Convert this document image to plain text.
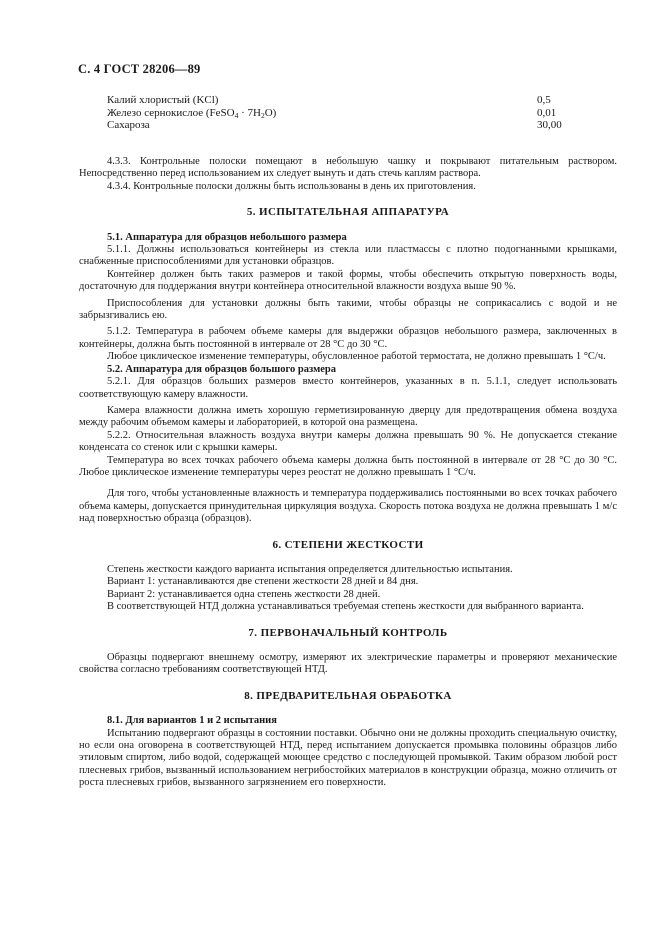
С. 4 ГОСТ 28206—89
Калий хлористый (KCl)	0,5
Железо сернокислое (FeSO$_4$ · $7H_2O$)	0,01
Сахароза	30,00

4.3.3. Контрольные полоски помещают в небольшую чашку и покрывают питательным раствором. Непосредственно перед использованием их следует вынуть и дать стечь каплям раствора.

4.3.4. Контрольные полоски должны быть использованы в день их приготовления.

5. ИСПЫТАТЕЛЬНАЯ АППАРАТУРА

5.1. Аппаратура для образцов небольшого размера

5.1.1. Должны использоваться контейнеры из стекла или пластмассы с плотно подогнанными крышками, снабженные приспособлениями для установки образцов.

Контейнер должен быть таких размеров и такой формы, чтобы обеспечить открытую поверхность воды, достаточную для поддержания внутри контейнера относительной влажности воздуха выше 90 %.

Приспособления для установки должны быть такими, чтобы образцы не соприкасались с водой и не забрызгивались ею.

5.1.2. Температура в рабочем объеме камеры для выдержки образцов небольшого размера, заключенных в контейнеры, должна быть постоянной в интервале от 28 °С до 30 °С.

Любое циклическое изменение температуры, обусловленное работой термостата, не должно превышать 1 °С/ч.

5.2. Аппаратура для образцов большого размера

5.2.1. Для образцов больших размеров вместо контейнеров, указанных в п. 5.1.1, следует использовать соответствующую камеру влажности.

Камера влажности должна иметь хорошую герметизированную дверцу для предотвращения обмена воздуха между рабочим объемом камеры и лабораторией, в которой она размещена.

5.2.2. Относительная влажность воздуха внутри камеры должна превышать 90 %. Не допускается стекание конденсата со стенок или с крышки камеры.

Температура во всех точках рабочего объема камеры должна быть постоянной в интервале от 28 °С до 30 °С. Любое циклическое изменение температуры через реостат не должно превышать 1 °С/ч.

Для того, чтобы установленные влажность и температура поддерживались постоянными во всех точках рабочего объема камеры, допускается принудительная циркуляция воздуха. Скорость потока воздуха не должна превышать 1 м/с над поверхностью образца (образцов).

6. СТЕПЕНИ ЖЕСТКОСТИ

Степень жесткости каждого варианта испытания определяется длительностью испытания.

Вариант 1: устанавливаются две степени жесткости 28 дней и 84 дня.

Вариант 2: устанавливается одна степень жесткости 28 дней.

В соответствующей НТД должна устанавливаться требуемая степень жесткости для выбранного варианта.

7. ПЕРВОНАЧАЛЬНЫЙ КОНТРОЛЬ

Образцы подвергают внешнему осмотру, измеряют их электрические параметры и проверяют механические свойства согласно требованиям соответствующей НТД.

8. ПРЕДВАРИТЕЛЬНАЯ ОБРАБОТКА

8.1. Для вариантов 1 и 2 испытания

Испытанию подвергают образцы в состоянии поставки. Обычно они не должны проходить специальную очистку, но если она оговорена в соответствующей НТД, перед испытанием допускается промывка половины образцов либо этиловым спиртом, либо водой, содержащей моющее средство с последующей промывкой. Таким образом любой рост плесневых грибов, вызванный использованием негрибостойких материалов в конструкции образца, можно отличить от роста плесневых грибов, вызванного загрязнением его поверхности.
